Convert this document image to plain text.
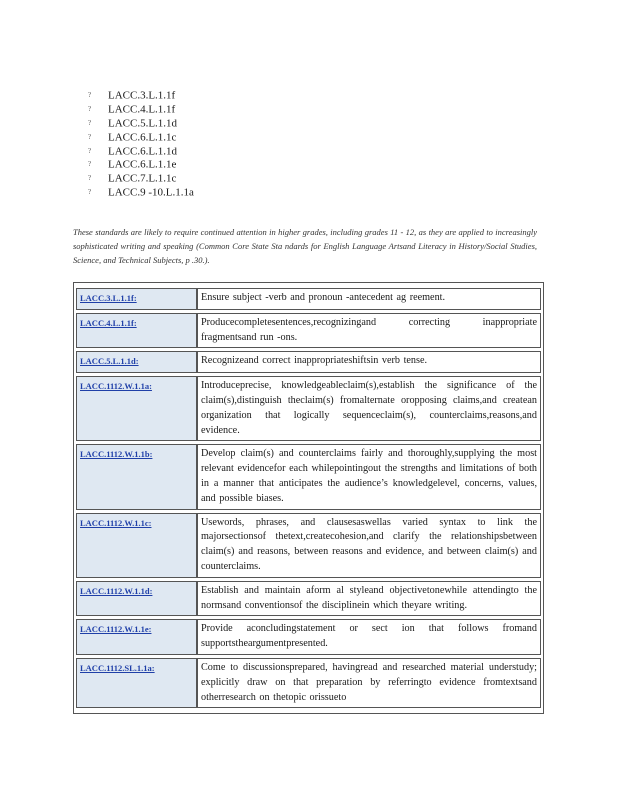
? LACC.3.L.1.1f
? LACC.4.L.1.1f
? LACC.5.L.1.1d
? LACC.6.L.1.1c
? LACC.6.L.1.1d
? LACC.6.L.1.1e
? LACC.7.L.1.1c
? LACC.9 -10.L.1.1a

These standards are likely to require continued attention in higher grades, including grades 11 - 12, as they are applied to increasingly sophisticated writing and speaking (Common Core State Sta ndards for English Language Artsand Literacy in History/Social Studies, Science, and Technical Subjects, p .30.).

LACC.3.L.1.1f:	Ensure subject -verb and pronoun -antecedent ag reement.
LACC.4.L.1.1f:	Producecompletesentences,recognizingand correcting inappropriate fragmentsand run -ons.
LACC.5.L.1.1d:	Recognizeand correct inappropriateshiftsin verb tense.
LACC.1112.W.1.1a:	Introduceprecise, knowledgeableclaim(s),establish the significance of the claim(s),distinguish theclaim(s) fromalternate oropposing claims,and createan organization that logically sequenceclaim(s), counterclaims,reasons,and evidence.
LACC.1112.W.1.1b:	Develop claim(s) and counterclaims fairly and thoroughly,supplying the most relevant evidencefor each whilepointingout the strengths and limitations of both in a manner that anticipates the audience’s knowledgelevel, concerns, values, and possible biases.
LACC.1112.W.1.1c:	Usewords, phrases, and clausesaswellas varied syntax to link the majorsectionsof thetext,createcohesion,and clarify the relationshipsbetween claim(s) and reasons, between reasons and evidence, and between claim(s) and counterclaims.
LACC.1112.W.1.1d:	Establish and maintain aform al styleand objectivetonewhile attendingto the normsand conventionsof the disciplinein which theyare writing.
LACC.1112.W.1.1e:	Provide aconcludingstatement or sect ion that follows fromand supportstheargumentpresented.
LACC.1112.SL.1.1a:	Come to discussionsprepared, havingread and researched material understudy; explicitly draw on that preparation by referringto evidence fromtextsand otherresearch on thetopic orissueto
